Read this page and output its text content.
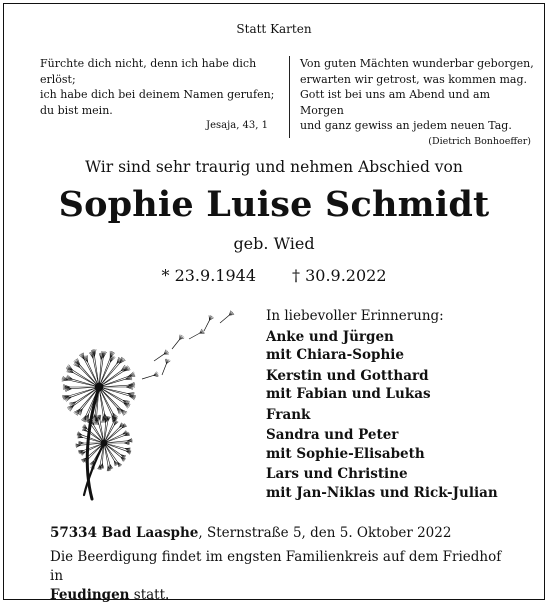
Statt Karten
Fürchte dich nicht, denn ich habe dich erlöst;
ich habe dich bei deinem Namen gerufen;
du bist mein.
Jesaja, 43, 1
Von guten Mächten wunderbar geborgen,
erwarten wir getrost, was kommen mag.
Gott ist bei uns am Abend und am Morgen
und ganz gewiss an jedem neuen Tag.
(Dietrich Bonhoeffer)
Wir sind sehr traurig und nehmen Abschied von
Sophie Luise Schmidt
geb. Wied
* 23.9.1944 † 30.9.2022
In liebevoller Erinnerung:
Anke und Jürgen
mit Chiara-Sophie
Kerstin und Gotthard
mit Fabian und Lukas
Frank
Sandra und Peter
mit Sophie-Elisabeth
Lars und Christine
mit Jan-Niklas und Rick-Julian
57334 Bad Laasphe, Sternstraße 5, den 5. Oktober 2022
Die Beerdigung findet im engsten Familienkreis auf dem Friedhof in
Feudingen statt.
